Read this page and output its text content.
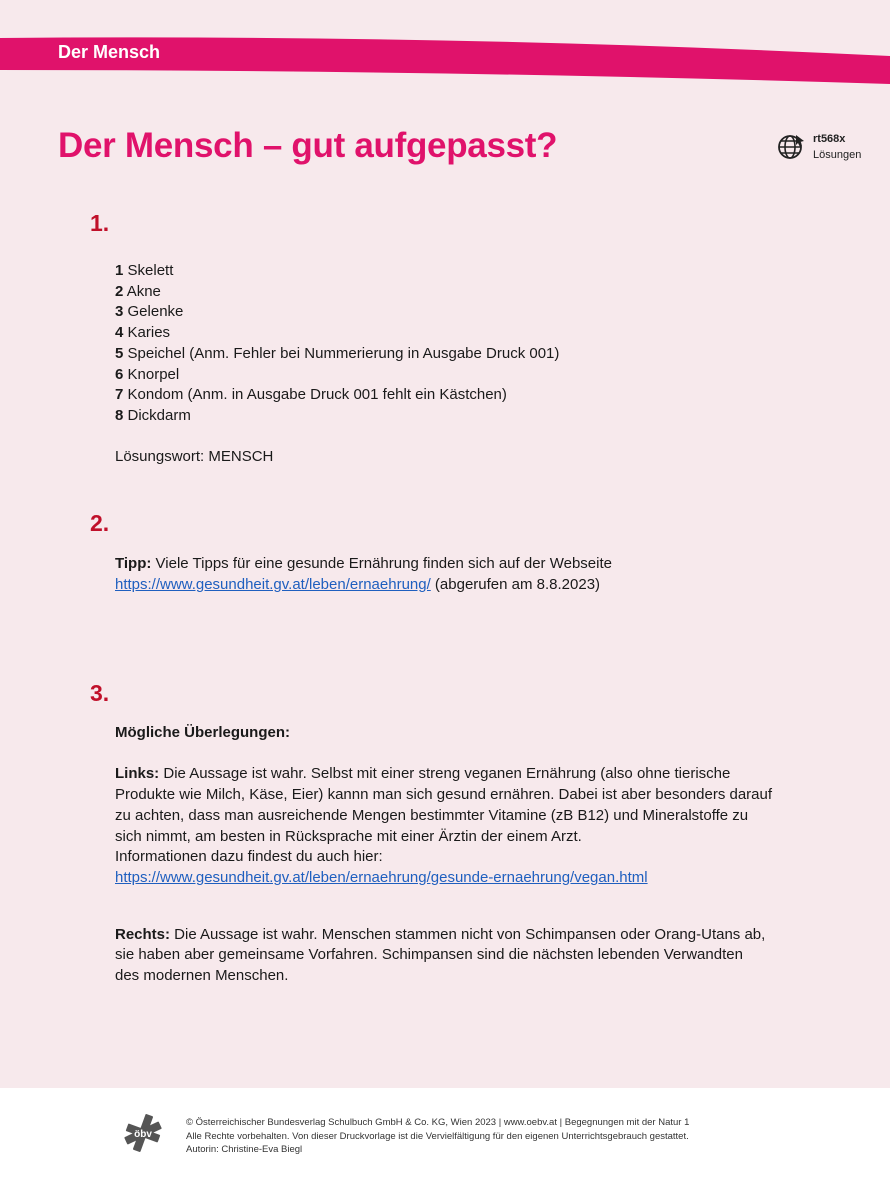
Der Mensch
Der Mensch – gut aufgepasst?	rt568x
Lösungen
1.
1 Skelett
2 Akne
3 Gelenke
4 Karies
5 Speichel (Anm. Fehler bei Nummerierung in Ausgabe Druck 001)
6 Knorpel
7 Kondom (Anm. in Ausgabe Druck 001 fehlt ein Kästchen)
8 Dickdarm

Lösungswort: MENSCH

2.

Tipp: Viele Tipps für eine gesunde Ernährung finden sich auf der Webseite

https://www.gesundheit.gv.at/leben/ernaehrung/ (abgerufen am 8.8.2023)

3.

Mögliche Überlegungen:

Links: Die Aussage ist wahr. Selbst mit einer streng veganen Ernährung (also ohne tierische
Produkte wie Milch, Käse, Eier) kannn man sich gesund ernähren. Dabei ist aber besonders darauf
zu achten, dass man ausreichende Mengen bestimmter Vitamine (zB B12) und Mineralstoffe zu
sich nimmt, am besten in Rücksprache mit einer Ärztin der einem Arzt.
Informationen dazu findest du auch hier:
https://www.gesundheit.gv.at/leben/ernaehrung/gesunde-ernaehrung/vegan.html

Rechts: Die Aussage ist wahr. Menschen stammen nicht von Schimpansen oder Orang-Utans ab,
sie haben aber gemeinsame Vorfahren. Schimpansen sind die nächsten lebenden Verwandten
des modernen Menschen.

öbv
© Österreichischer Bundesverlag Schulbuch GmbH & Co. KG, Wien 2023 | www.oebv.at | Begegnungen mit der Natur 1
Alle Rechte vorbehalten. Von dieser Druckvorlage ist die Vervielfältigung für den eigenen Unterrichtsgebrauch gestattet.
Autorin: Christine-Eva Biegl
